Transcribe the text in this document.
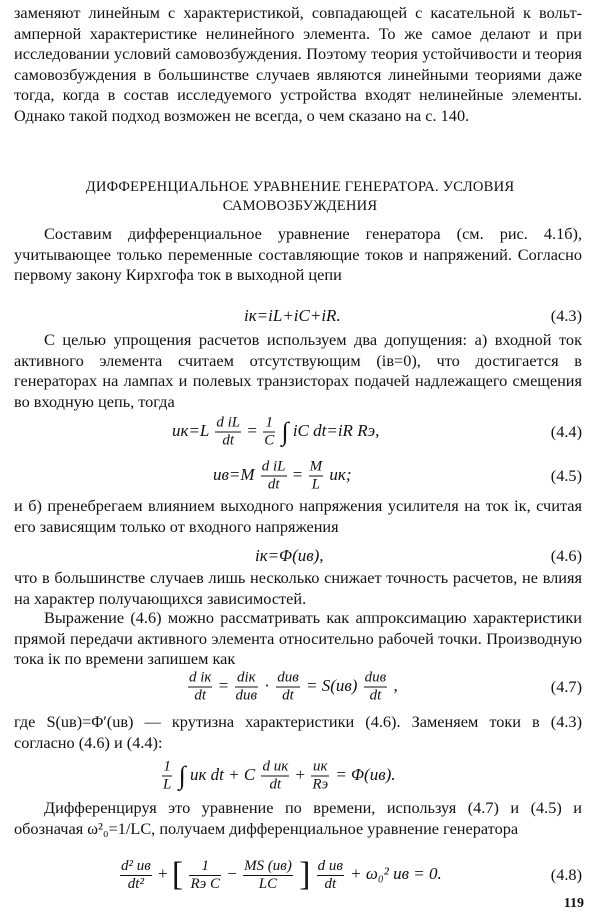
заменяют линейным с характеристикой, совпадающей с касательной к вольт-амперной характеристике нелинейного элемента. То же самое делают и при исследовании условий самовозбуждения. Поэтому теория устойчивости и теория самовозбуждения в большинстве случаев являются линейными теориями даже тогда, когда в состав исследуемого устройства входят нелинейные элементы. Однако такой подход возможен не всегда, о чем сказано на с. 140.

ДИФФЕРЕНЦИАЛЬНОЕ УРАВНЕНИЕ ГЕНЕРАТОРА. УСЛОВИЯ САМОВОЗБУЖДЕНИЯ

Составим дифференциальное уравнение генератора (см. рис. 4.1б), учитывающее только переменные составляющие токов и напряжений. Согласно первому закону Кирхгофа ток в выходной цепи

iк=iL+iC+iR.	(4.3)

С целью упрощения расчетов используем два допущения: а) входной ток активного элемента считаем отсутствующим (iв=0), что достигается в генераторах на лампах и полевых транзисторах подачей надлежащего смещения во входную цепь, тогда

$uк=L \frac{\text{d iL}}{dt} = \frac{1}{C}$ ∫ iC dt=iR Rэ,	(4.4)
$uв=M \frac{\text{d iL}}{dt} = \frac{M}{L}$ uк;	(4.5)

и б) пренебрегаем влиянием выходного напряжения усилителя на ток iк, считая его зависящим только от входного напряжения

iк=Φ(uв),	(4.6)

что в большинстве случаев лишь несколько снижает точность расчетов, не влияя на характер получающихся зависимостей.

Выражение (4.6) можно рассматривать как аппроксимацию характеристики прямой передачи активного элемента относительно рабочей точки. Производную тока iк по времени запишем как

$\frac{\text{d iк}}{dt} = \frac{\text{diк}}{\text{duв}} \cdot \frac{\text{duв}}{dt} = S(uв) \frac{\text{duв}}{dt}$ ,	(4.7)

где S(uв)=Φ′(uв) — крутизна характеристики (4.6). Заменяем токи в (4.3) согласно (4.6) и (4.4):

$\frac{1}{L}$ ∫ uк dt + C $\frac{\text{d uк}}{dt} + \frac{uк}{Rэ} = \Phi(uв)$.

Дифференцируя это уравнение по времени, используя (4.7) и (4.5) и обозначая ω²₀=1/LC, получаем дифференциальное уравнение генератора

$\frac{\text{d² uв}}{\text{dt²}}$ + [ $\frac{1}{\text{Rэ C}} - \frac{MS (uв)}{LC}$ ] $\frac{\text{d uв}}{dt} + \omega_0^2$ uв = 0.	(4.8)
119
